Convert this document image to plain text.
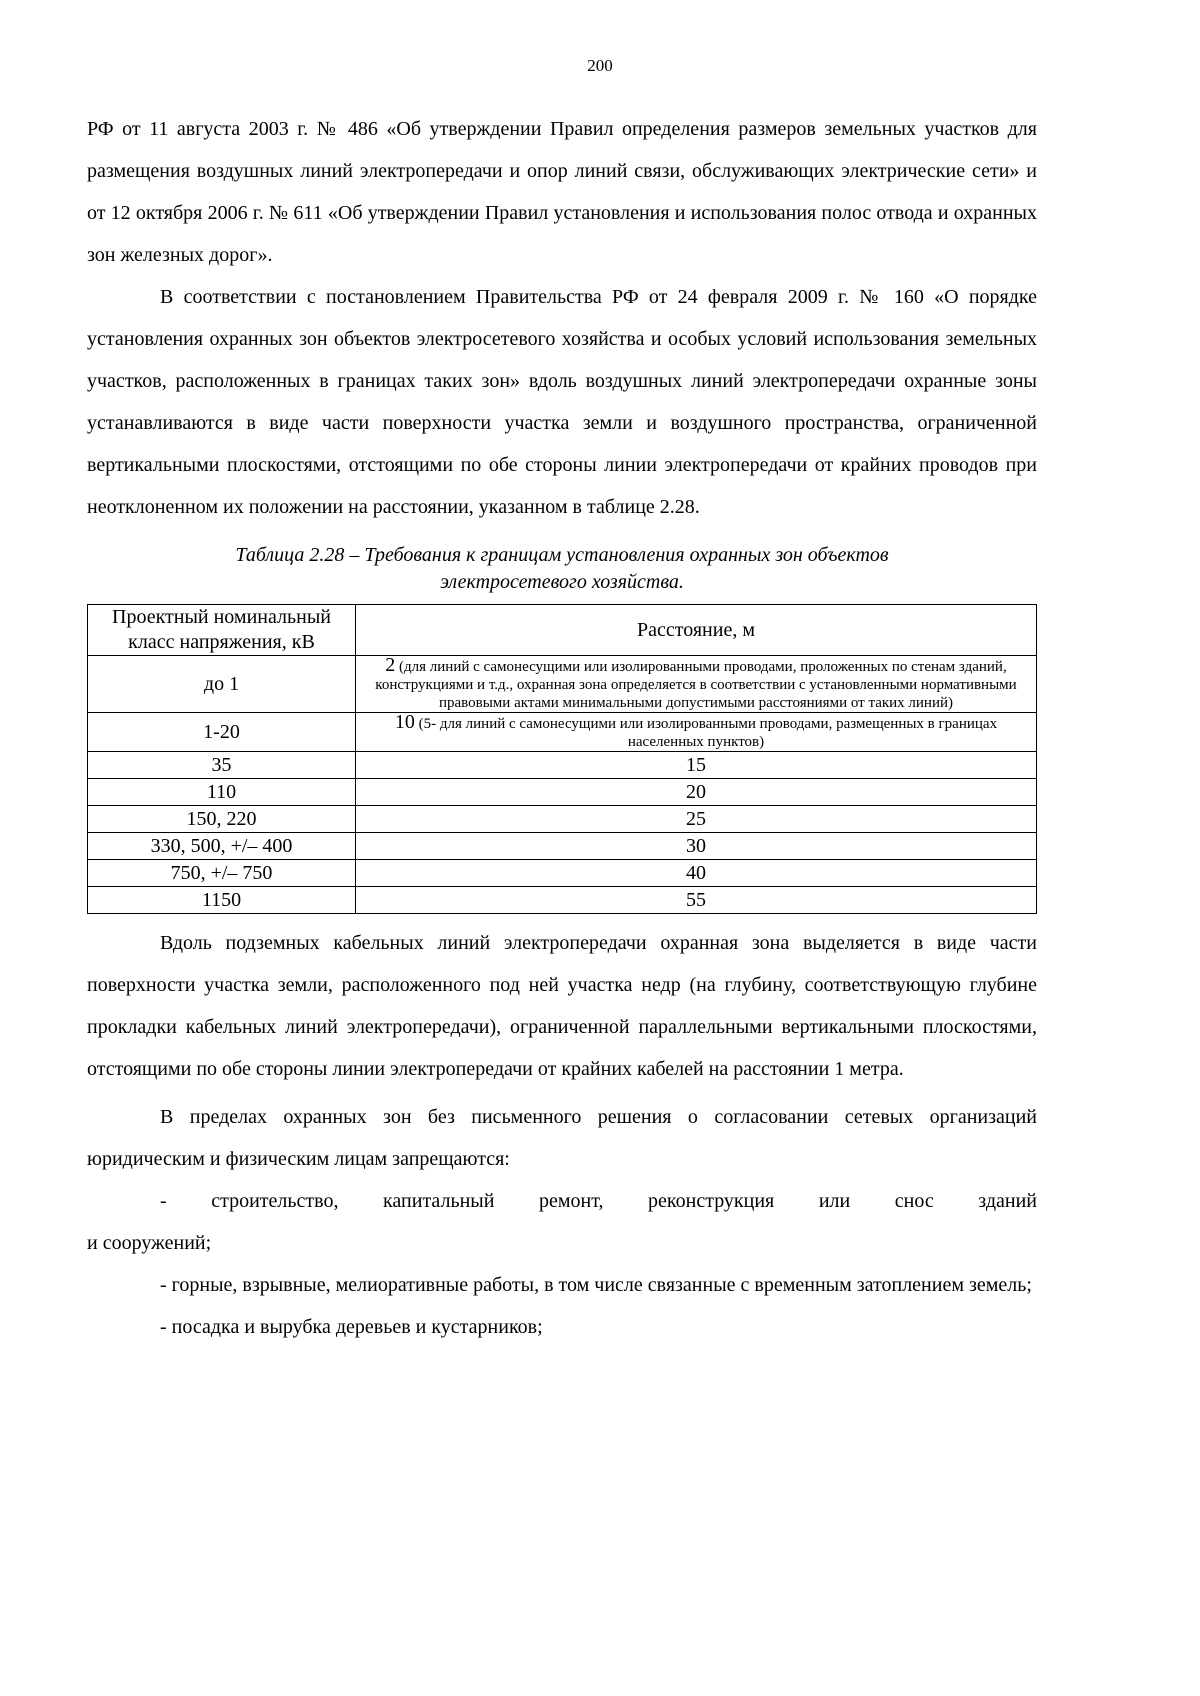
200

РФ от 11 августа 2003 г. № 486 «Об утверждении Правил определения размеров земельных участков для размещения воздушных линий электропередачи и опор линий связи, обслуживающих электрические сети» и от 12 октября 2006 г. № 611 «Об утверждении Правил установления и использования полос отвода и охранных зон железных дорог».

В соответствии с постановлением Правительства РФ от 24 февраля 2009 г. № 160 «О порядке установления охранных зон объектов электросетевого хозяйства и особых условий использования земельных участков, расположенных в границах таких зон» вдоль воздушных линий электропередачи охранные зоны устанавливаются в виде части поверхности участка земли и воздушного пространства, ограниченной вертикальными плоскостями, отстоящими по обе стороны линии электропередачи от крайних проводов при неотклоненном их положении на расстоянии, указанном в таблице 2.28.

Таблица 2.28 – Требования к границам установления охранных зон объектов
электросетевого хозяйства.
Проектный номинальный класс напряжения, кВ	Расстояние, м
до 1	2 (для линий с самонесущими или изолированными проводами, проложенных по стенам зданий, конструкциями и т.д., охранная зона определяется в соответствии с установленными нормативными правовыми актами минимальными допустимыми расстояниями от таких линий)
1-20	10 (5- для линий с самонесущими или изолированными проводами, размещенных в границах населенных пунктов)
35	15
110	20
150, 220	25
330, 500, +/– 400	30
750, +/– 750	40
1150	55

Вдоль подземных кабельных линий электропередачи охранная зона выделяется в виде части поверхности участка земли, расположенного под ней участка недр (на глубину, соответствующую глубине прокладки кабельных линий электропередачи), ограниченной параллельными вертикальными плоскостями, отстоящими по обе стороны линии электропередачи от крайних кабелей на расстоянии 1 метра.

В пределах охранных зон без письменного решения о согласовании сетевых организаций юридическим и физическим лицам запрещаются:

- строительство, капитальный ремонт, реконструкция или снос зданий

и сооружений;

- горные, взрывные, мелиоративные работы, в том числе связанные с временным затоплением земель;

- посадка и вырубка деревьев и кустарников;
